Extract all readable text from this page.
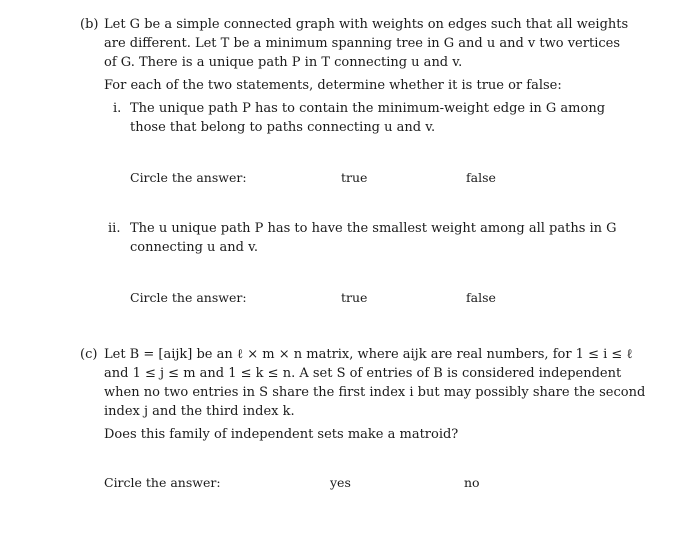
(b) Let G be a simple connected graph with weights on edges such that all weights
are different. Let T be a minimum spanning tree in G and u and v two vertices
of G. There is a unique path P in T connecting u and v.
For each of the two statements, determine whether it is true or false:
i. The unique path P has to contain the minimum-weight edge in G among
those that belong to paths connecting u and v.
Circle the answer:	true	false
ii. The u unique path P has to have the smallest weight among all paths in G
connecting u and v.
Circle the answer:	true	false
(c) Let B = [aijk] be an ℓ × m × n matrix, where aijk are real numbers, for 1 ≤ i ≤ ℓ
and 1 ≤ j ≤ m and 1 ≤ k ≤ n. A set S of entries of B is considered independent
when no two entries in S share the first index i but may possibly share the second
index j and the third index k.
Does this family of independent sets make a matroid?
Circle the answer:	yes	no
